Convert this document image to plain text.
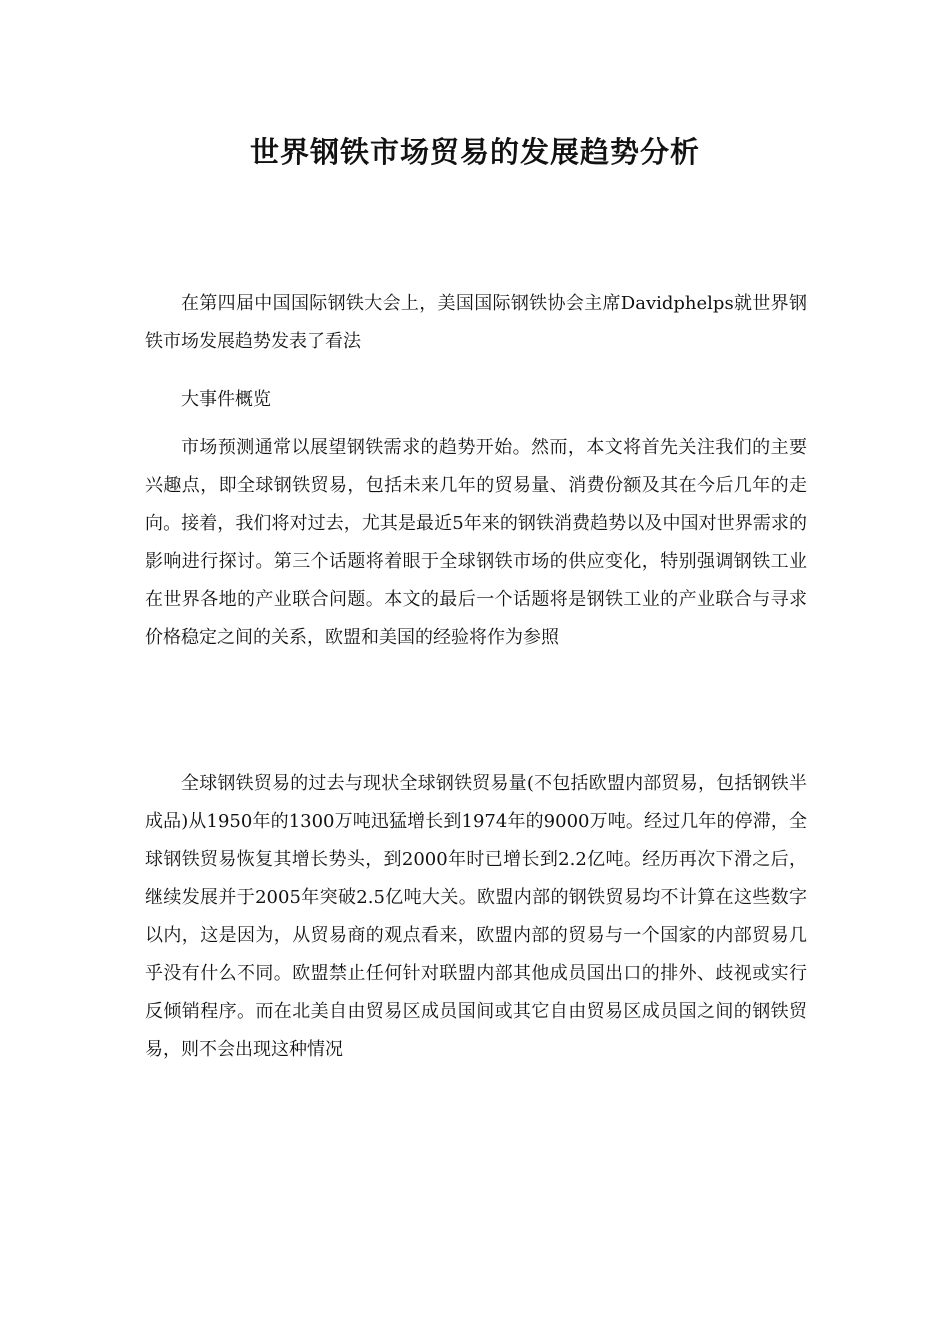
世界钢铁市场贸易的发展趋势分析

在第四届中国国际钢铁大会上，美国国际钢铁协会主席Davidphelps就世界钢铁市场发展趋势发表了看法

大事件概览

市场预测通常以展望钢铁需求的趋势开始。然而，本文将首先关注我们的主要兴趣点，即全球钢铁贸易，包括未来几年的贸易量、消费份额及其在今后几年的走向。接着，我们将对过去，尤其是最近5年来的钢铁消费趋势以及中国对世界需求的影响进行探讨。第三个话题将着眼于全球钢铁市场的供应变化，特别强调钢铁工业在世界各地的产业联合问题。本文的最后一个话题将是钢铁工业的产业联合与寻求价格稳定之间的关系，欧盟和美国的经验将作为参照

全球钢铁贸易的过去与现状全球钢铁贸易量(不包括欧盟内部贸易，包括钢铁半成品)从1950年的1300万吨迅猛增长到1974年的9000万吨。经过几年的停滞，全球钢铁贸易恢复其增长势头，到2000年时已增长到2.2亿吨。经历再次下滑之后，继续发展并于2005年突破2.5亿吨大关。欧盟内部的钢铁贸易均不计算在这些数字以内，这是因为，从贸易商的观点看来，欧盟内部的贸易与一个国家的内部贸易几乎没有什么不同。欧盟禁止任何针对联盟内部其他成员国出口的排外、歧视或实行反倾销程序。而在北美自由贸易区成员国间或其它自由贸易区成员国之间的钢铁贸易，则不会出现这种情况
